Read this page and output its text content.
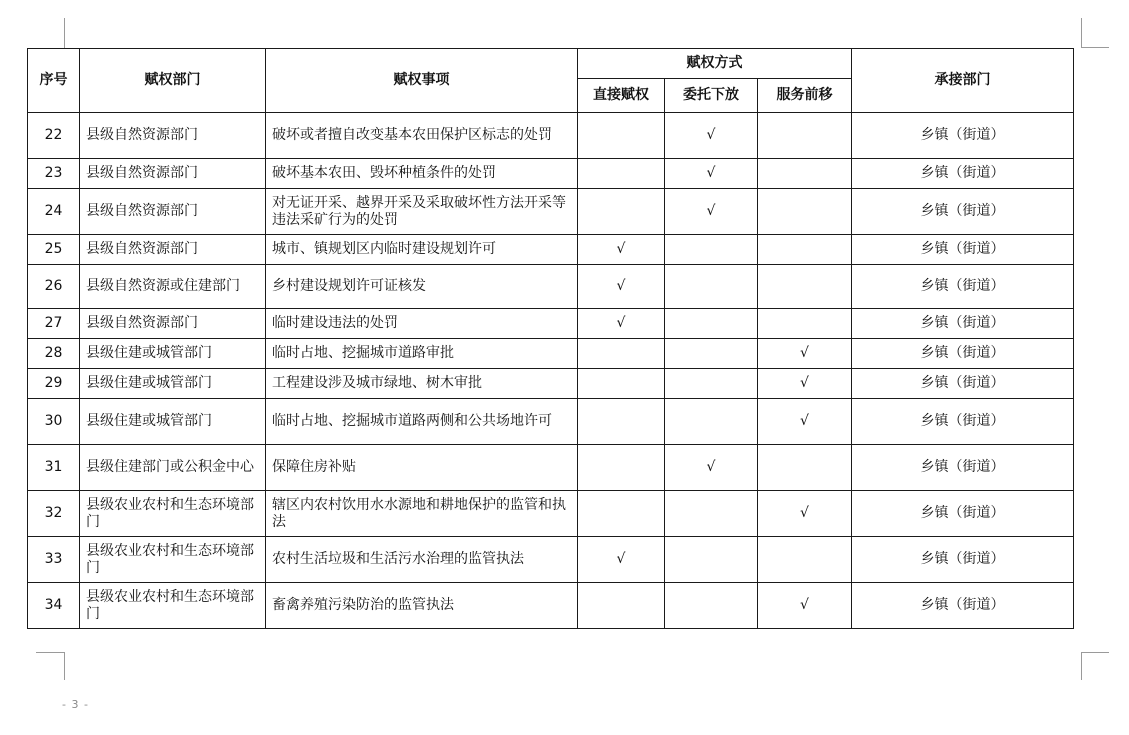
序号	赋权部门	赋权事项	赋权方式			承接部门
			直接赋权	委托下放	服务前移	
22	县级自然资源部门	破坏或者擅自改变基本农田保护区标志的处罚		√		乡镇（街道）
23	县级自然资源部门	破坏基本农田、毁坏种植条件的处罚		√		乡镇（街道）
24	县级自然资源部门	对无证开采、越界开采及采取破坏性方法开采等违法采矿行为的处罚		√		乡镇（街道）
25	县级自然资源部门	城市、镇规划区内临时建设规划许可	√			乡镇（街道）
26	县级自然资源或住建部门	乡村建设规划许可证核发	√			乡镇（街道）
27	县级自然资源部门	临时建设违法的处罚	√			乡镇（街道）
28	县级住建或城管部门	临时占地、挖掘城市道路审批			√	乡镇（街道）
29	县级住建或城管部门	工程建设涉及城市绿地、树木审批			√	乡镇（街道）
30	县级住建或城管部门	临时占地、挖掘城市道路两侧和公共场地许可			√	乡镇（街道）
31	县级住建部门或公积金中心	保障住房补贴		√		乡镇（街道）
32	县级农业农村和生态环境部门	辖区内农村饮用水水源地和耕地保护的监管和执法			√	乡镇（街道）
33	县级农业农村和生态环境部门	农村生活垃圾和生活污水治理的监管执法	√			乡镇（街道）
34	县级农业农村和生态环境部门	畜禽养殖污染防治的监管执法			√	乡镇（街道）
- 3 -
